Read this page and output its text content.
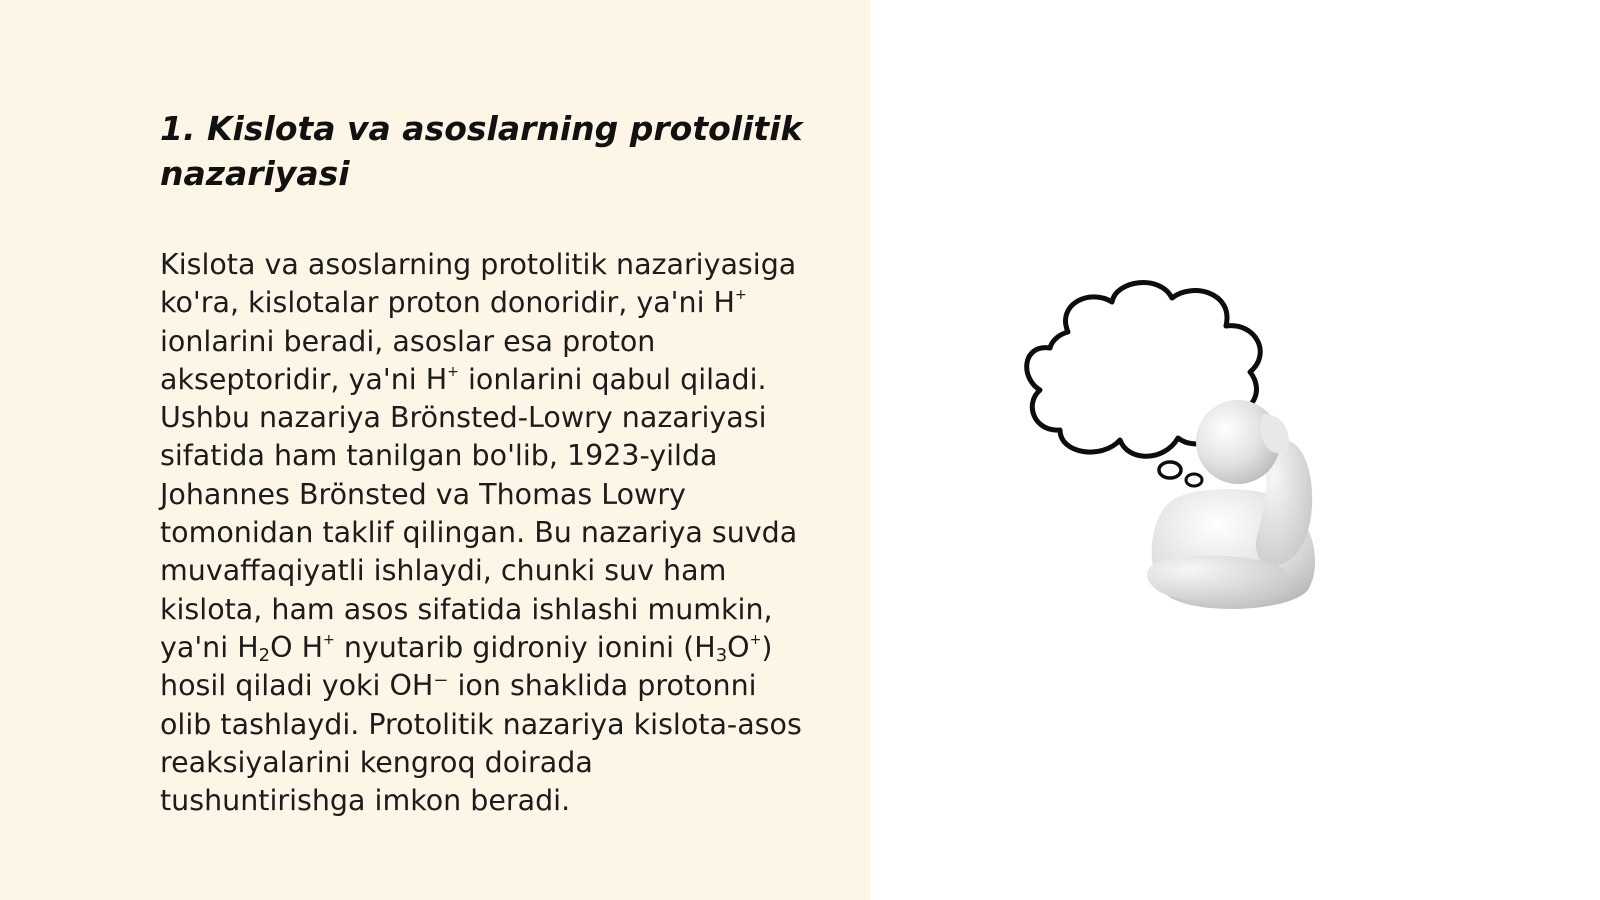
1. Kislota va asoslarning protolitik
nazariyasi
Kislota va asoslarning protolitik nazariyasiga
ko'ra, kislotalar proton donoridir, ya'ni H+
ionlarini beradi, asoslar esa proton
akseptoridir, ya'ni H+ ionlarini qabul qiladi.
Ushbu nazariya Brönsted-Lowry nazariyasi
sifatida ham tanilgan bo'lib, 1923-yilda
Johannes Brönsted va Thomas Lowry
tomonidan taklif qilingan. Bu nazariya suvda
muvaffaqiyatli ishlaydi, chunki suv ham
kislota, ham asos sifatida ishlashi mumkin,
ya'ni $H_2O$ H+ nyutarib gidroniy ionini $(H_3O^+)$
hosil qiladi yoki OH⁻ ion shaklida protonni
olib tashlaydi. Protolitik nazariya kislota-asos
reaksiyalarini kengroq doirada
tushuntirishga imkon beradi.
